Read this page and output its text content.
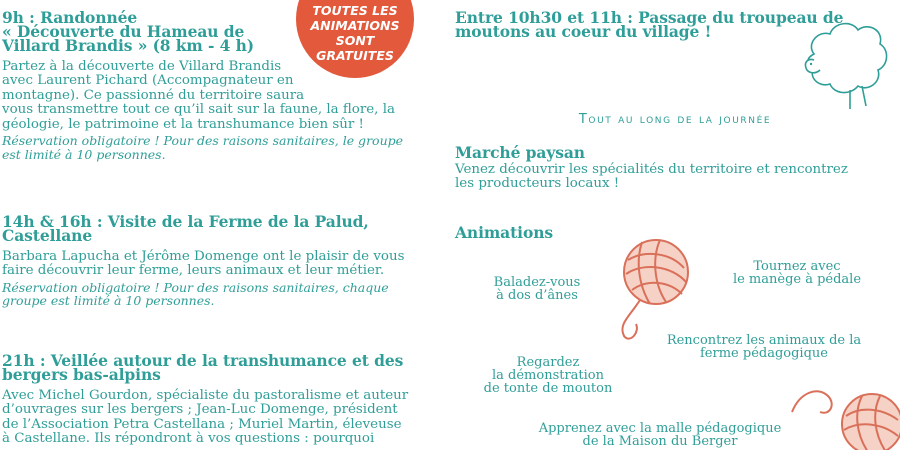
TOUTES LES
ANIMATIONS
SONT
GRATUITES

9h : Randonnée
« Découverte du Hameau de
Villard Brandis » (8 km - 4 h)

Partez à la découverte de Villard Brandis
avec Laurent Pichard (Accompagnateur en
montagne). Ce passionné du territoire saura
vous transmettre tout ce qu’il sait sur la faune, la flore, la
géologie, le patrimoine et la transhumance bien sûr !

Réservation obligatoire ! Pour des raisons sanitaires, le groupe
est limité à 10 personnes.

14h & 16h : Visite de la Ferme de la Palud,
Castellane

Barbara Lapucha et Jérôme Domenge ont le plaisir de vous
faire découvrir leur ferme, leurs animaux et leur métier.

Réservation obligatoire ! Pour des raisons sanitaires, chaque
groupe est limité à 10 personnes.

21h : Veillée autour de la transhumance et des
bergers bas-alpins

Avec Michel Gourdon, spécialiste du pastoralisme et auteur
d’ouvrages sur les bergers ; Jean-Luc Domenge, président
de l’Association Petra Castellana ; Muriel Martin, éleveuse
à Castellane. Ils répondront à vos questions : pourquoi

Entre 10h30 et 11h : Passage du troupeau de
moutons au coeur du village !

Marché paysan

Venez découvrir les spécialités du territoire et rencontrez
les producteurs locaux !

Animations

Tout au long de la journée
Baladez-vous
à dos d’ânes
Tournez avec
le manège à pédale
Rencontrez les animaux de la
ferme pédagogique
Regardez
la démonstration
de tonte de mouton
Apprenez avec la malle pédagogique
de la Maison du Berger
